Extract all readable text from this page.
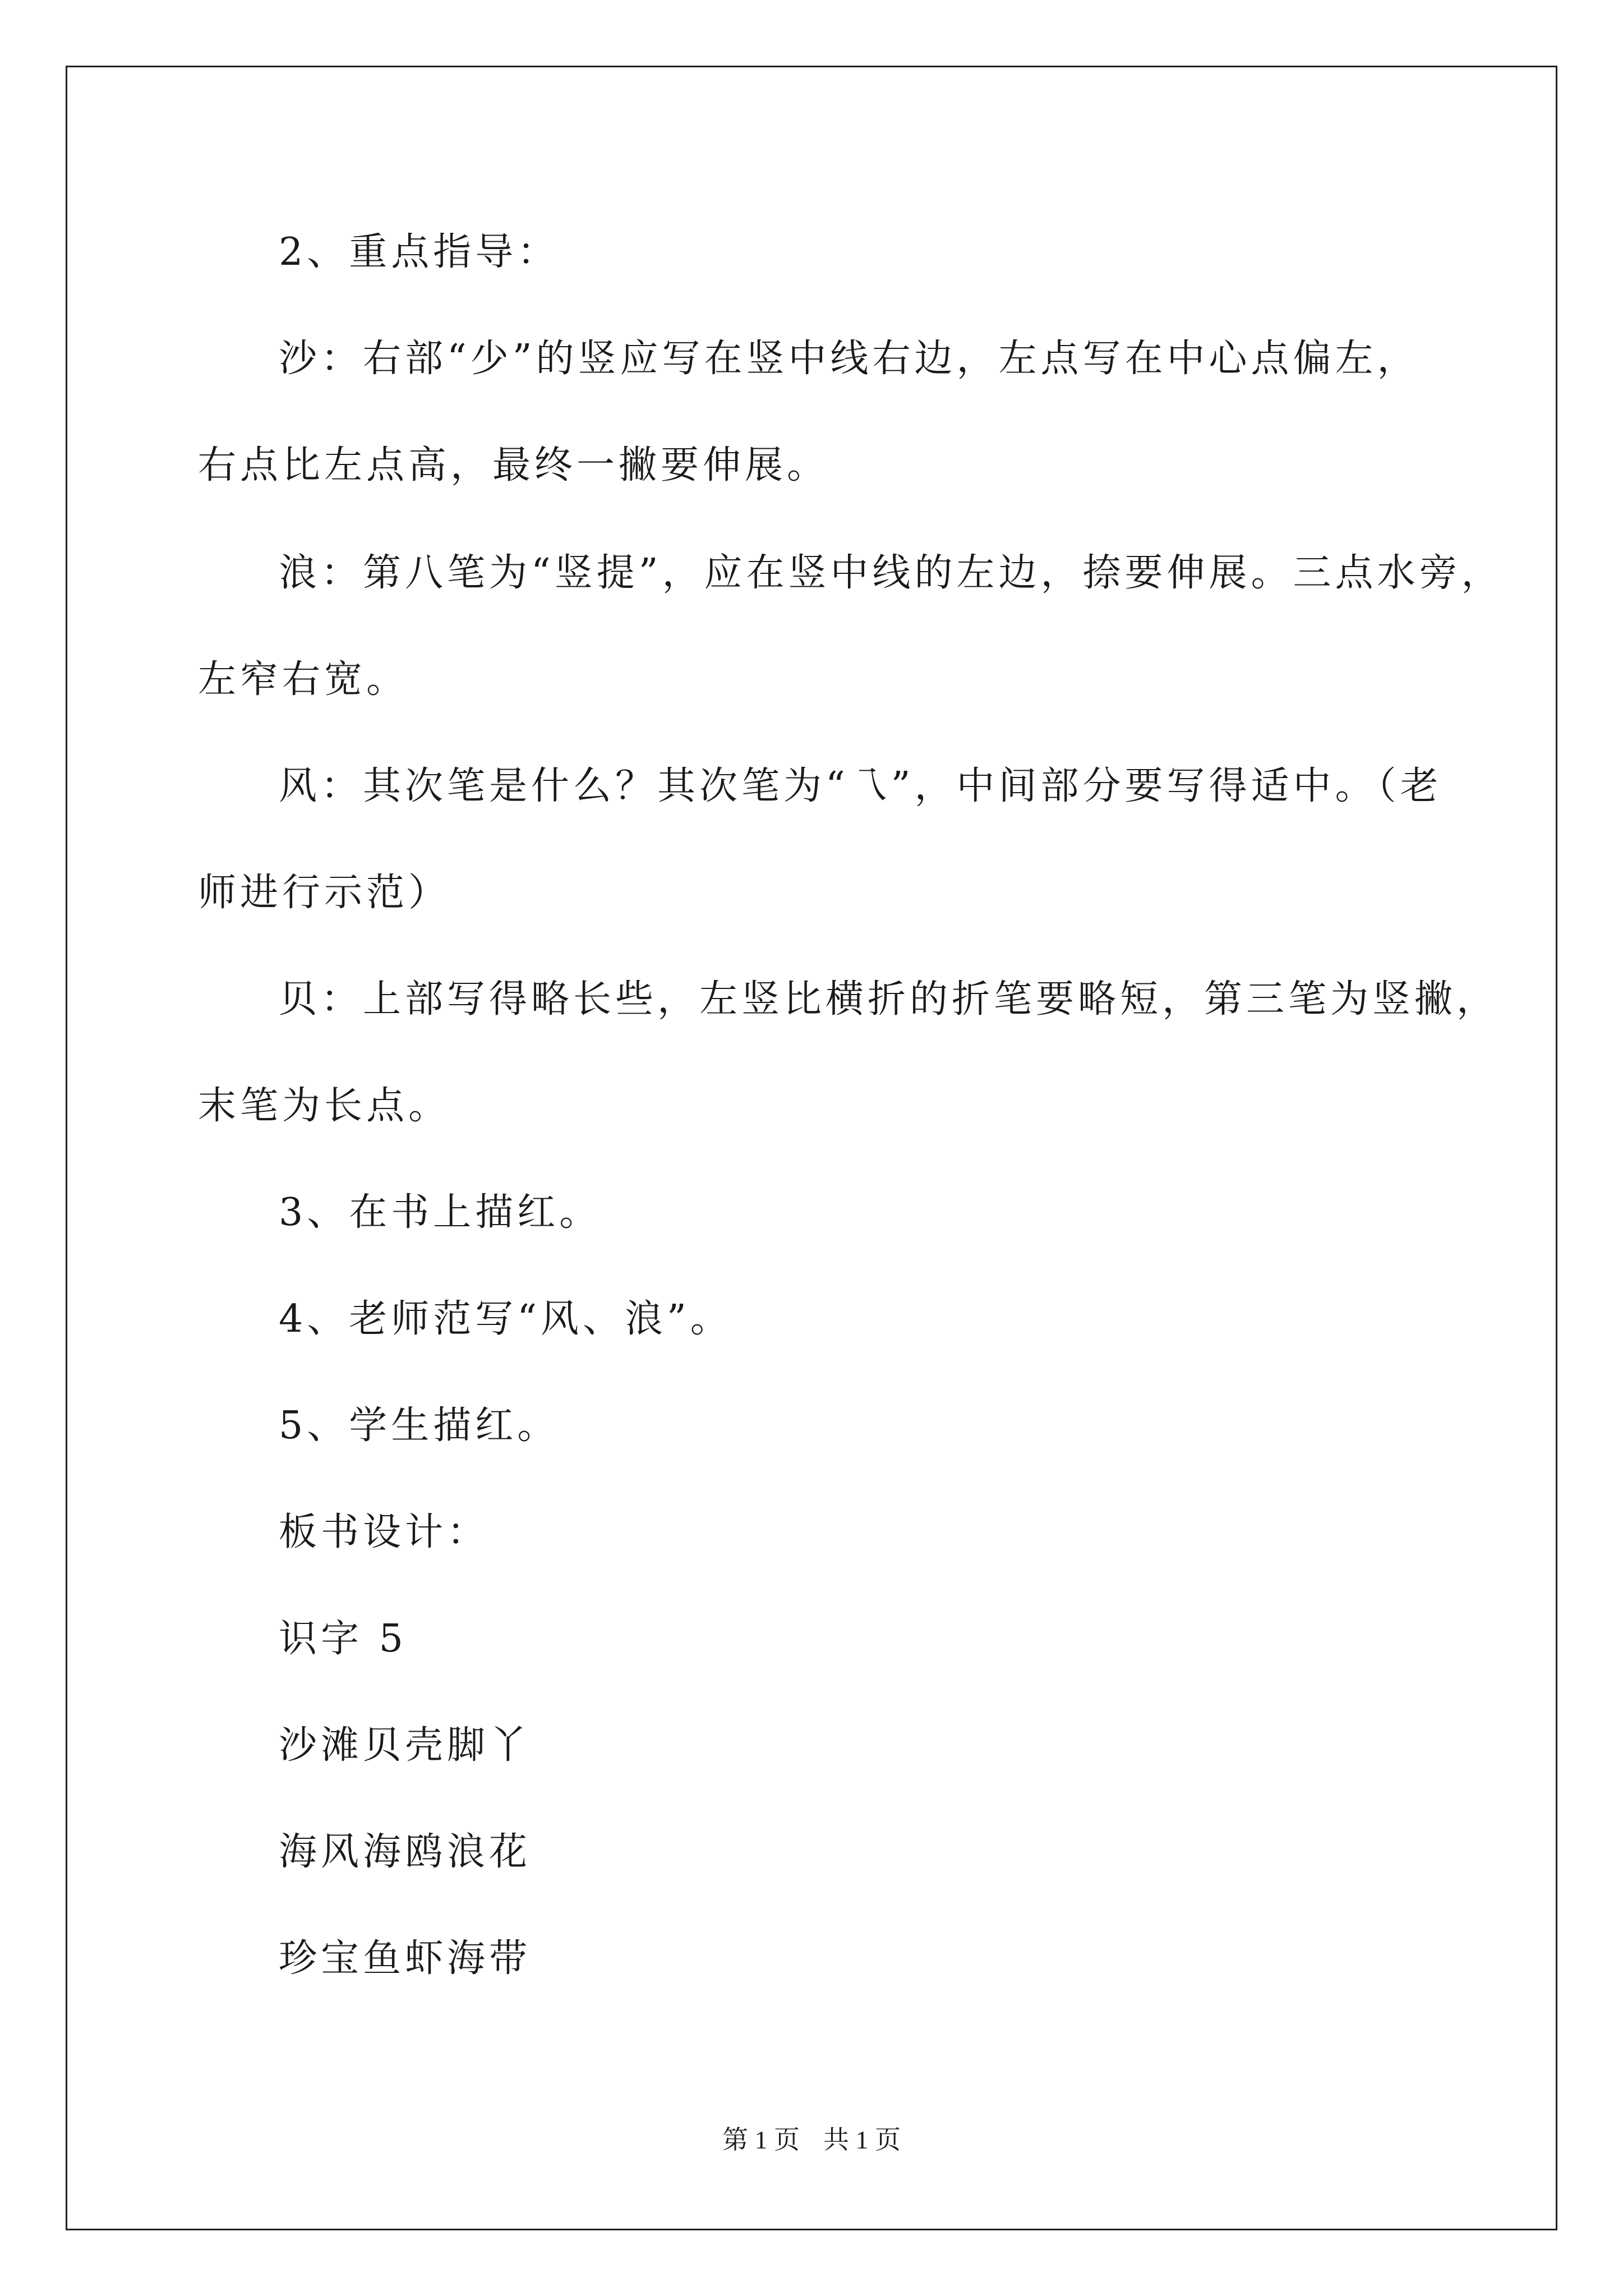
2、重点指导：
沙：右部“少”的竖应写在竖中线右边，左点写在中心点偏左，
右点比左点高，最终一撇要伸展。
浪：第八笔为“竖提”，应在竖中线的左边，捺要伸展。三点水旁，
左窄右宽。
风：其次笔是什么？其次笔为“乁”，中间部分要写得适中。（老
师进行示范）
贝：上部写得略长些，左竖比横折的折笔要略短，第三笔为竖撇，
末笔为长点。
3、在书上描红。
4、老师范写“风、浪”。
5、学生描红。
板书设计：
识字 5
沙滩贝壳脚丫
海风海鸥浪花
珍宝鱼虾海带
第 1 页 共 1 页
